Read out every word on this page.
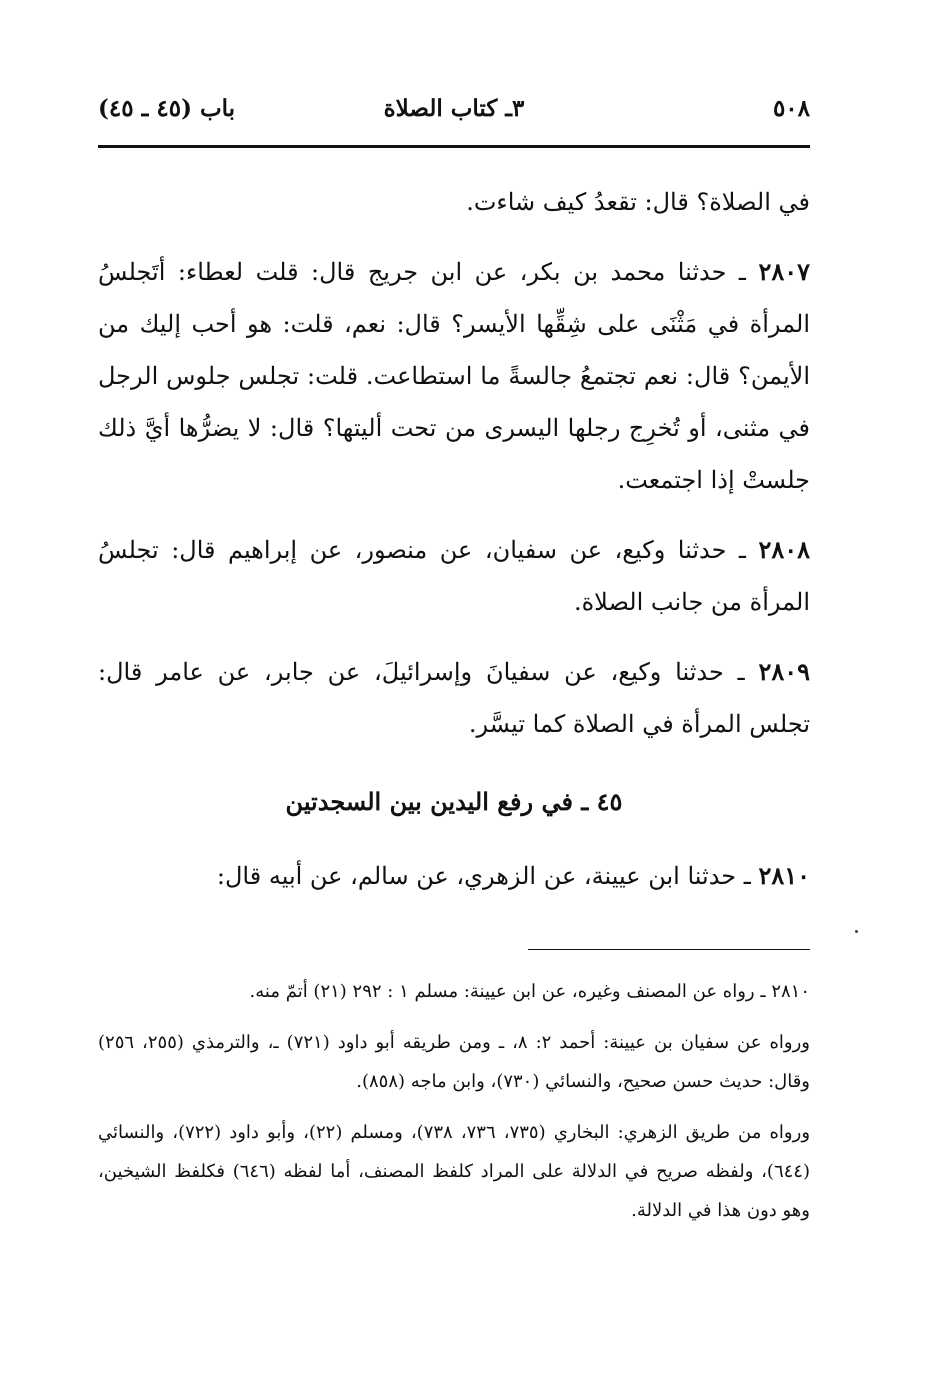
٥٠٨
٣ـ كتاب الصلاة
باب (٤٥ ـ ٤٥)

في الصلاة؟ قال: تقعدُ كيف شاءت.

٢٨٠٧ ـ حدثنا محمد بن بكر، عن ابن جريج قال: قلت لعطاء: أتَجلسُ المرأة في مَثْنَى على شِقِّها الأيسر؟ قال: نعم، قلت: هو أحب إليك من الأيمن؟ قال: نعم تجتمعُ جالسةً ما استطاعت. قلت: تجلس جلوس الرجل في مثنى، أو تُخرِج رجلها اليسرى من تحت أليتها؟ قال: لا يضرُّها أيَّ ذلك جلستْ إذا اجتمعت.

٢٨٠٨ ـ حدثنا وكيع، عن سفيان، عن منصور، عن إبراهيم قال: تجلسُ المرأة من جانب الصلاة.

٢٨٠٩ ـ حدثنا وكيع، عن سفيانَ وإسرائيلَ، عن جابر، عن عامر قال: تجلس المرأة في الصلاة كما تيسَّر.

٤٥ ـ في رفع اليدين بين السجدتين

٢٨١٠ ـ حدثنا ابن عيينة، عن الزهري، عن سالم، عن أبيه قال:

٢٨١٠ ـ رواه عن المصنف وغيره، عن ابن عيينة: مسلم ١ : ٢٩٢ (٢١) أتمّ منه.

ورواه عن سفيان بن عيينة: أحمد ٢: ٨، ـ ومن طريقه أبو داود (٧٢١) ـ، والترمذي (٢٥٥، ٢٥٦) وقال: حديث حسن صحيح، والنسائي (٧٣٠)، وابن ماجه (٨٥٨).

ورواه من طريق الزهري: البخاري (٧٣٥، ٧٣٦، ٧٣٨)، ومسلم (٢٢)، وأبو داود (٧٢٢)، والنسائي (٦٤٤)، ولفظه صريح في الدلالة على المراد كلفظ المصنف، أما لفظه (٦٤٦) فكلفظ الشيخين، وهو دون هذا في الدلالة.
